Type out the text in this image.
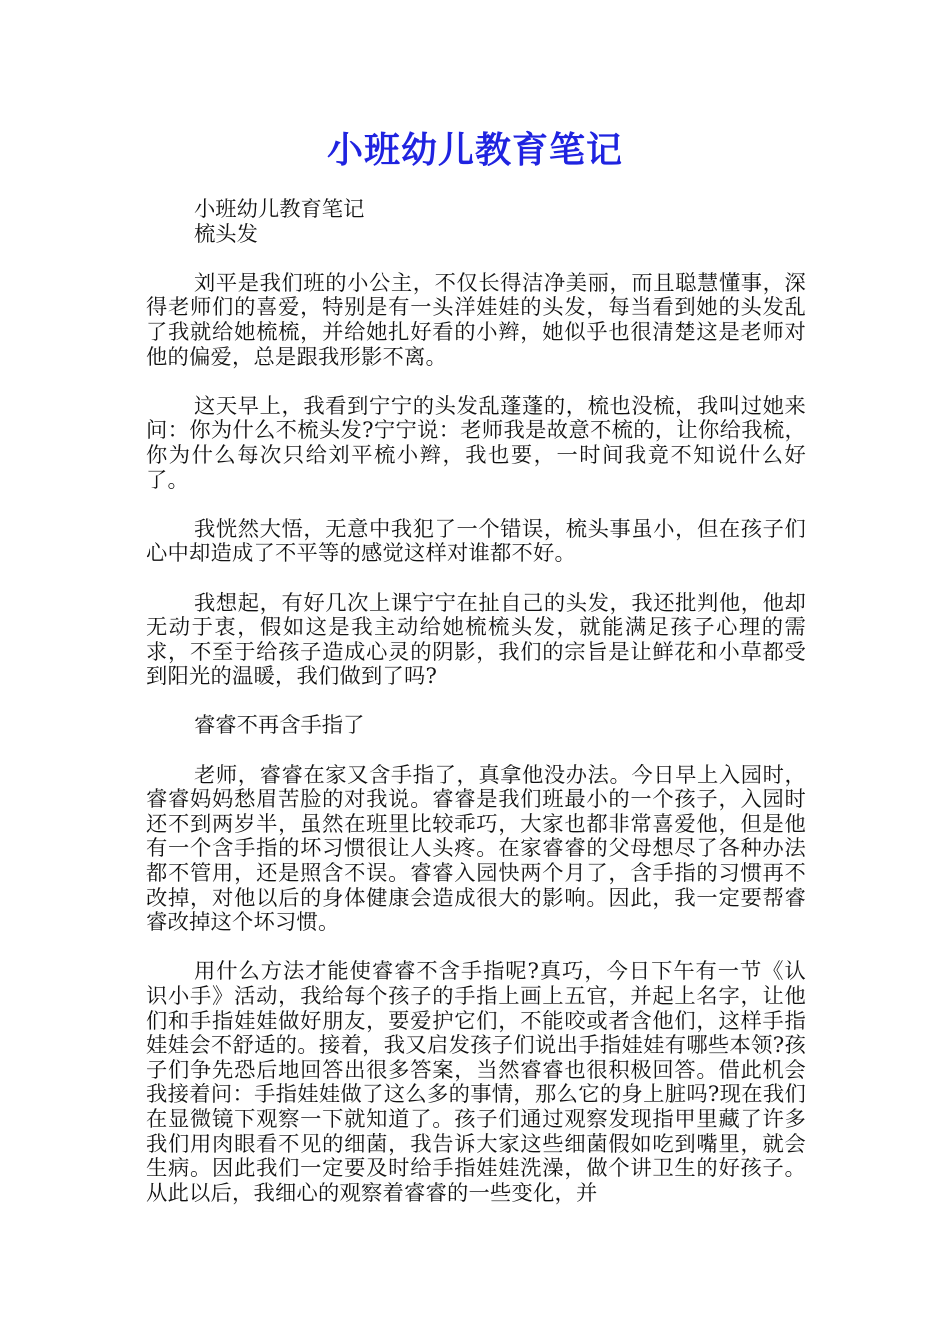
小班幼儿教育笔记

小班幼儿教育笔记

梳头发

刘平是我们班的小公主，不仅长得洁净美丽，而且聪慧懂事，深得老师们的喜爱，特别是有一头洋娃娃的头发，每当看到她的头发乱了我就给她梳梳，并给她扎好看的小辫，她似乎也很清楚这是老师对他的偏爱，总是跟我形影不离。

这天早上，我看到宁宁的头发乱蓬蓬的，梳也没梳，我叫过她来问：你为什么不梳头发?宁宁说：老师我是故意不梳的，让你给我梳，你为什么每次只给刘平梳小辫，我也要，一时间我竟不知说什么好了。

我恍然大悟，无意中我犯了一个错误，梳头事虽小，但在孩子们心中却造成了不平等的感觉这样对谁都不好。

我想起，有好几次上课宁宁在扯自己的头发，我还批判他，他却无动于衷，假如这是我主动给她梳梳头发，就能满足孩子心理的需求，不至于给孩子造成心灵的阴影，我们的宗旨是让鲜花和小草都受到阳光的温暖，我们做到了吗?

睿睿不再含手指了

老师，睿睿在家又含手指了，真拿他没办法。今日早上入园时，睿睿妈妈愁眉苦脸的对我说。睿睿是我们班最小的一个孩子，入园时还不到两岁半，虽然在班里比较乖巧，大家也都非常喜爱他，但是他有一个含手指的坏习惯很让人头疼。在家睿睿的父母想尽了各种办法都不管用，还是照含不误。睿睿入园快两个月了，含手指的习惯再不改掉，对他以后的身体健康会造成很大的影响。因此，我一定要帮睿睿改掉这个坏习惯。

用什么方法才能使睿睿不含手指呢?真巧，今日下午有一节《认识小手》活动，我给每个孩子的手指上画上五官，并起上名字，让他们和手指娃娃做好朋友，要爱护它们，不能咬或者含他们，这样手指娃娃会不舒适的。接着，我又启发孩子们说出手指娃娃有哪些本领?孩子们争先恐后地回答出很多答案，当然睿睿也很积极回答。借此机会我接着问：手指娃娃做了这么多的事情，那么它的身上脏吗?现在我们在显微镜下观察一下就知道了。孩子们通过观察发现指甲里藏了许多我们用肉眼看不见的细菌，我告诉大家这些细菌假如吃到嘴里，就会生病。因此我们一定要及时给手指娃娃洗澡，做个讲卫生的好孩子。从此以后，我细心的观察着睿睿的一些变化，并
